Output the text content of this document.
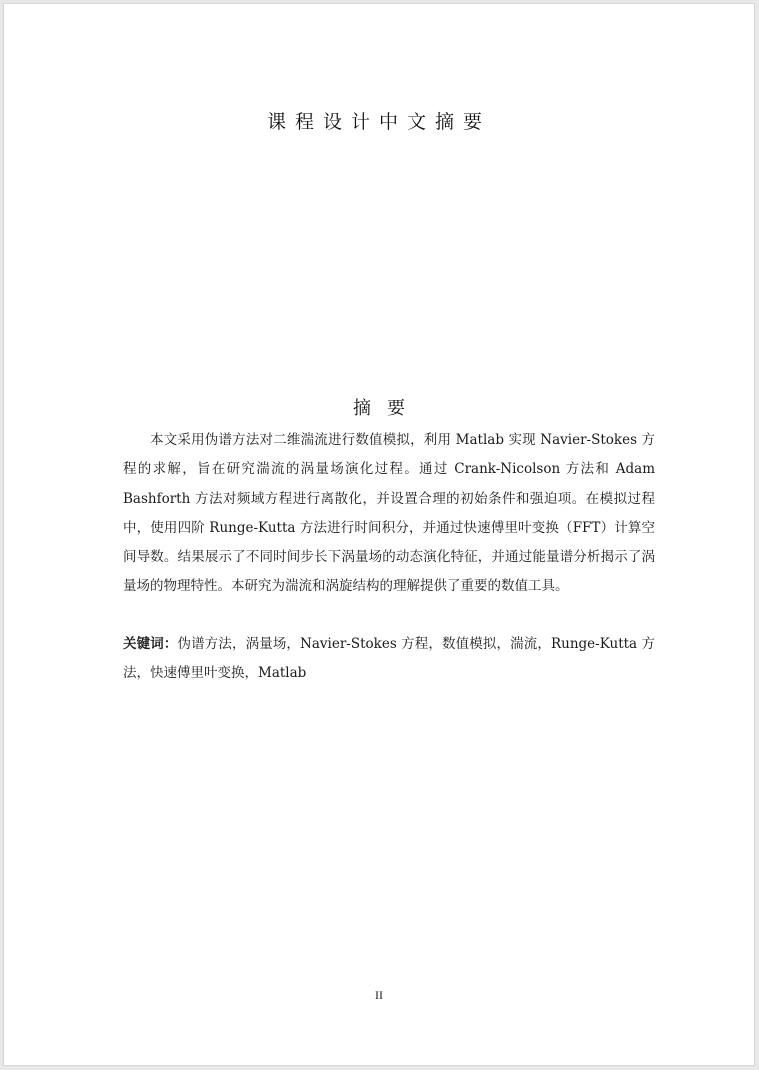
课程设计中文摘要
摘要

本文采用伪谱方法对二维湍流进行数值模拟，利用 Matlab 实现 Navier-Stokes 方程的求解，旨在研究湍流的涡量场演化过程。通过 Crank-Nicolson 方法和 Adam Bashforth 方法对频域方程进行离散化，并设置合理的初始条件和强迫项。在模拟过程中，使用四阶 Runge-Kutta 方法进行时间积分，并通过快速傅里叶变换（FFT）计算空间导数。结果展示了不同时间步长下涡量场的动态演化特征，并通过能量谱分析揭示了涡量场的物理特性。本研究为湍流和涡旋结构的理解提供了重要的数值工具。

关键词：伪谱方法，涡量场，Navier-Stokes 方程，数值模拟，湍流，Runge-Kutta 方法，快速傅里叶变换，Matlab

II
